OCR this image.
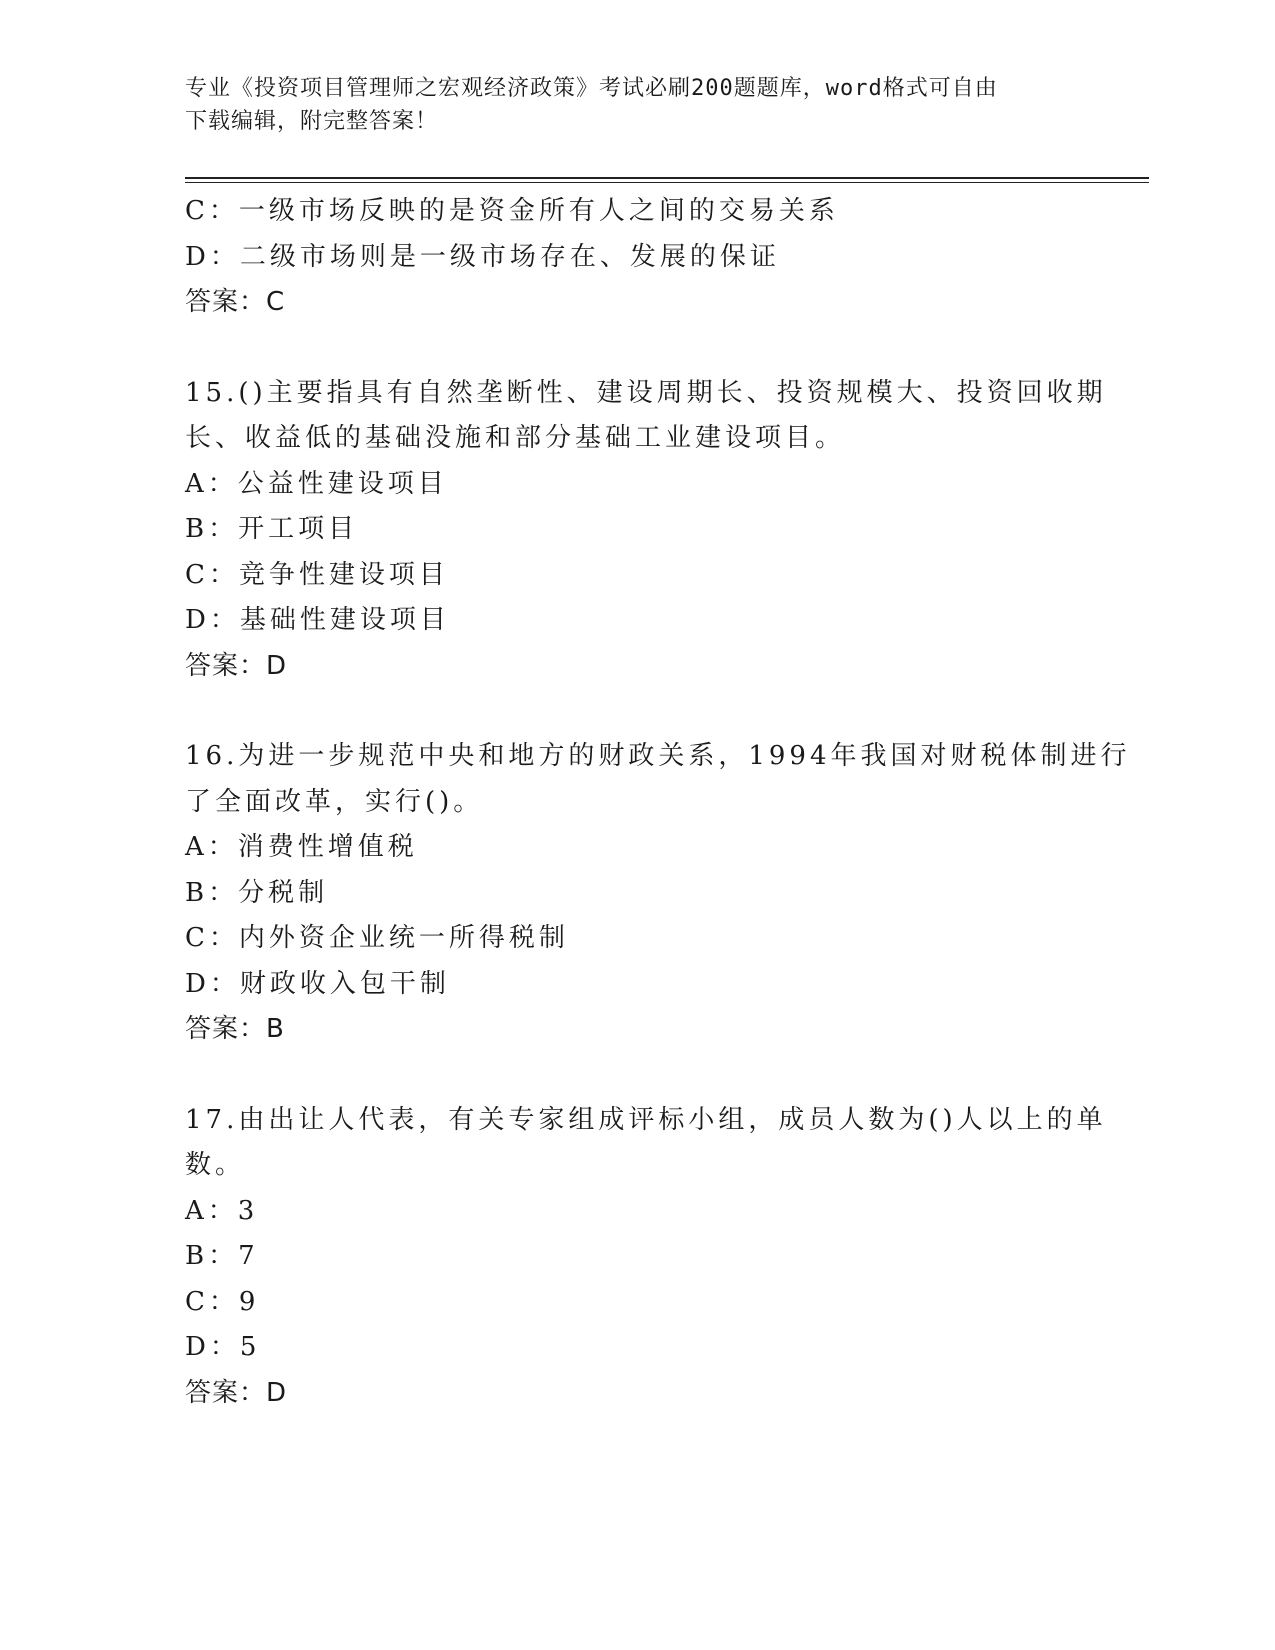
专业《投资项目管理师之宏观经济政策》考试必刷200题题库，word格式可自由
下载编辑，附完整答案！
C：一级市场反映的是资金所有人之间的交易关系
D：二级市场则是一级市场存在、发展的保证
答案：C
15.()主要指具有自然垄断性、建设周期长、投资规模大、投资回收期
长、收益低的基础没施和部分基础工业建设项目。
A：公益性建设项目
B：开工项目
C：竞争性建设项目
D：基础性建设项目
答案：D
16.为进一步规范中央和地方的财政关系，1994年我国对财税体制进行
了全面改革，实行()。
A：消费性增值税
B：分税制
C：内外资企业统一所得税制
D：财政收入包干制
答案：B
17.由出让人代表，有关专家组成评标小组，成员人数为()人以上的单
数。
A：3
B：7
C：9
D：5
答案：D
